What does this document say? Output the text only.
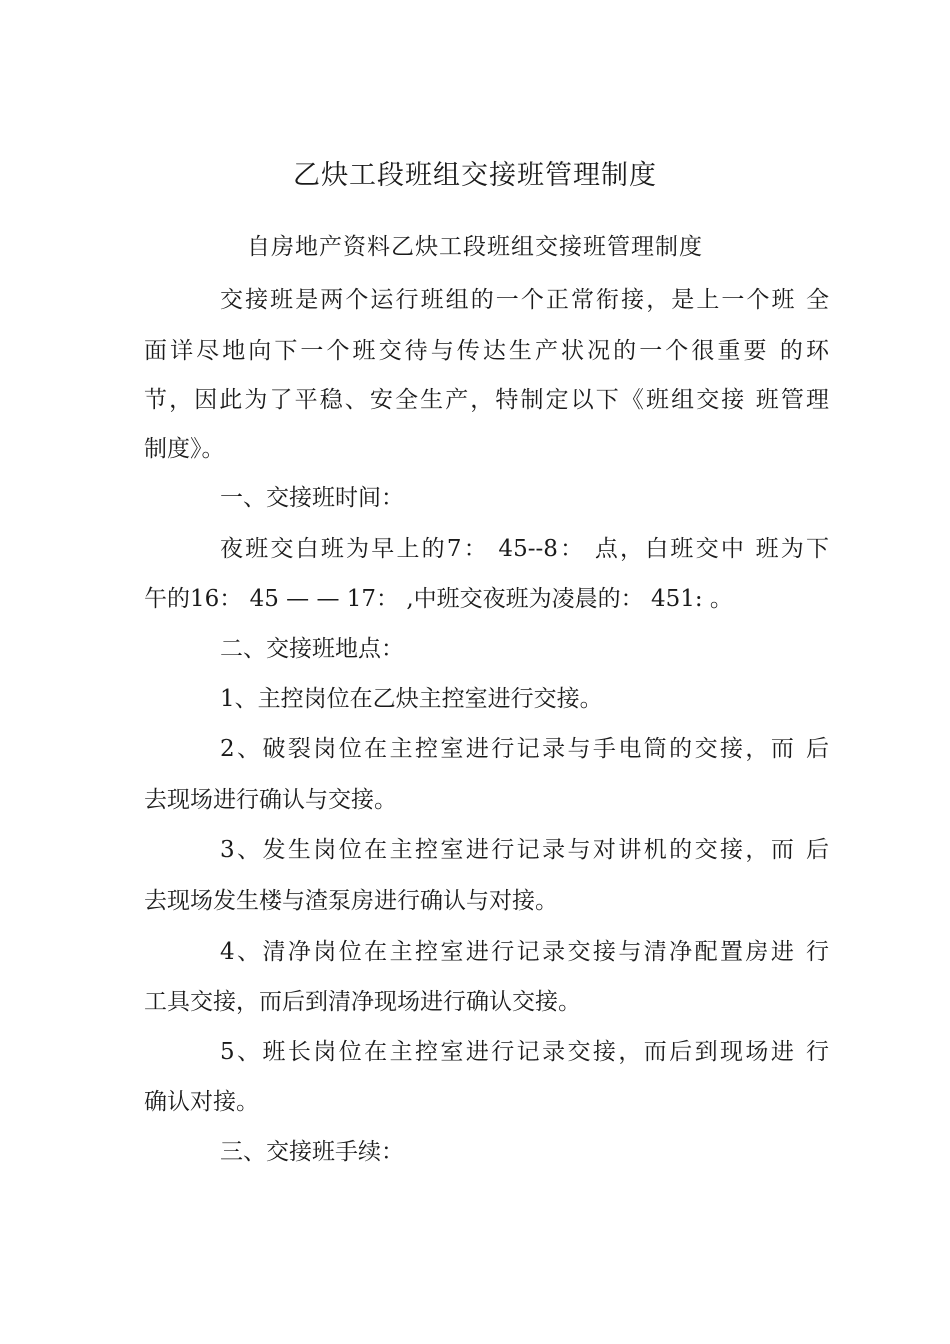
乙炔工段班组交接班管理制度
自房地产资料乙炔工段班组交接班管理制度
交接班是两个运行班组的一个正常衔接，是上一个班 全
面详尽地向下一个班交待与传达生产状况的一个很重要 的环
节，因此为了平稳、安全生产，特制定以下《班组交接 班管理
制度》。
一、交接班时间：
夜班交白班为早上的7： 45--8： 点，白班交中 班为下
午的16： 45 — — 17： ,中班交夜班为凌晨的： 451: 。
二、交接班地点：
1、主控岗位在乙炔主控室进行交接。
2、破裂岗位在主控室进行记录与手电筒的交接，而 后
去现场进行确认与交接。
3、发生岗位在主控室进行记录与对讲机的交接，而 后
去现场发生楼与渣泵房进行确认与对接。
4、清净岗位在主控室进行记录交接与清净配置房进 行
工具交接，而后到清净现场进行确认交接。
5、班长岗位在主控室进行记录交接，而后到现场进 行
确认对接。
三、交接班手续：
